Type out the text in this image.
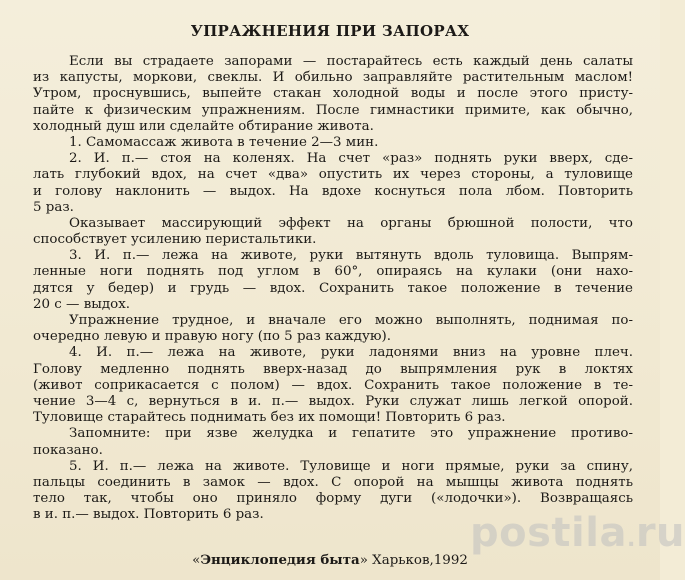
УПРАЖНЕНИЯ ПРИ ЗАПОРАХ
Если вы страдаете запорами — постарайтесь есть каждый день салаты
из капусты, моркови, свеклы. И обильно заправляйте растительным маслом!
Утром, проснувшись, выпейте стакан холодной воды и после этого присту-
пайте к физическим упражнениям. После гимнастики примите, как обычно,
холодный душ или сделайте обтирание живота.
1. Самомассаж живота в течение 2—3 мин.
2. И. п.— стоя на коленях. На счет «раз» поднять руки вверх, сде-
лать глубокий вдох, на счет «два» опустить их через стороны, а туловище
и голову наклонить — выдох. На вдохе коснуться пола лбом. Повторить
5 раз.
Оказывает массирующий эффект на органы брюшной полости, что
способствует усилению перистальтики.
3. И. п.— лежа на животе, руки вытянуть вдоль туловища. Выпрям-
ленные ноги поднять под углом в 60°, опираясь на кулаки (они нахо-
дятся у бедер) и грудь — вдох. Сохранить такое положение в течение
20 с — выдох.
Упражнение трудное, и вначале его можно выполнять, поднимая по-
очередно левую и правую ногу (по 5 раз каждую).
4. И. п.— лежа на животе, руки ладонями вниз на уровне плеч.
Голову медленно поднять вверх-назад до выпрямления рук в локтях
(живот соприкасается с полом) — вдох. Сохранить такое положение в те-
чение 3—4 с, вернуться в и. п.— выдох. Руки служат лишь легкой опорой.
Туловище старайтесь поднимать без их помощи! Повторить 6 раз.
Запомните: при язве желудка и гепатите это упражнение противо-
показано.
5. И. п.— лежа на животе. Туловище и ноги прямые, руки за спину,
пальцы соединить в замок — вдох. С опорой на мышцы живота поднять
тело так, чтобы оно приняло форму дуги («лодочки»). Возвращаясь
в и. п.— выдох. Повторить 6 раз.
«Энциклопедия быта» Харьков,1992
postila.ru
